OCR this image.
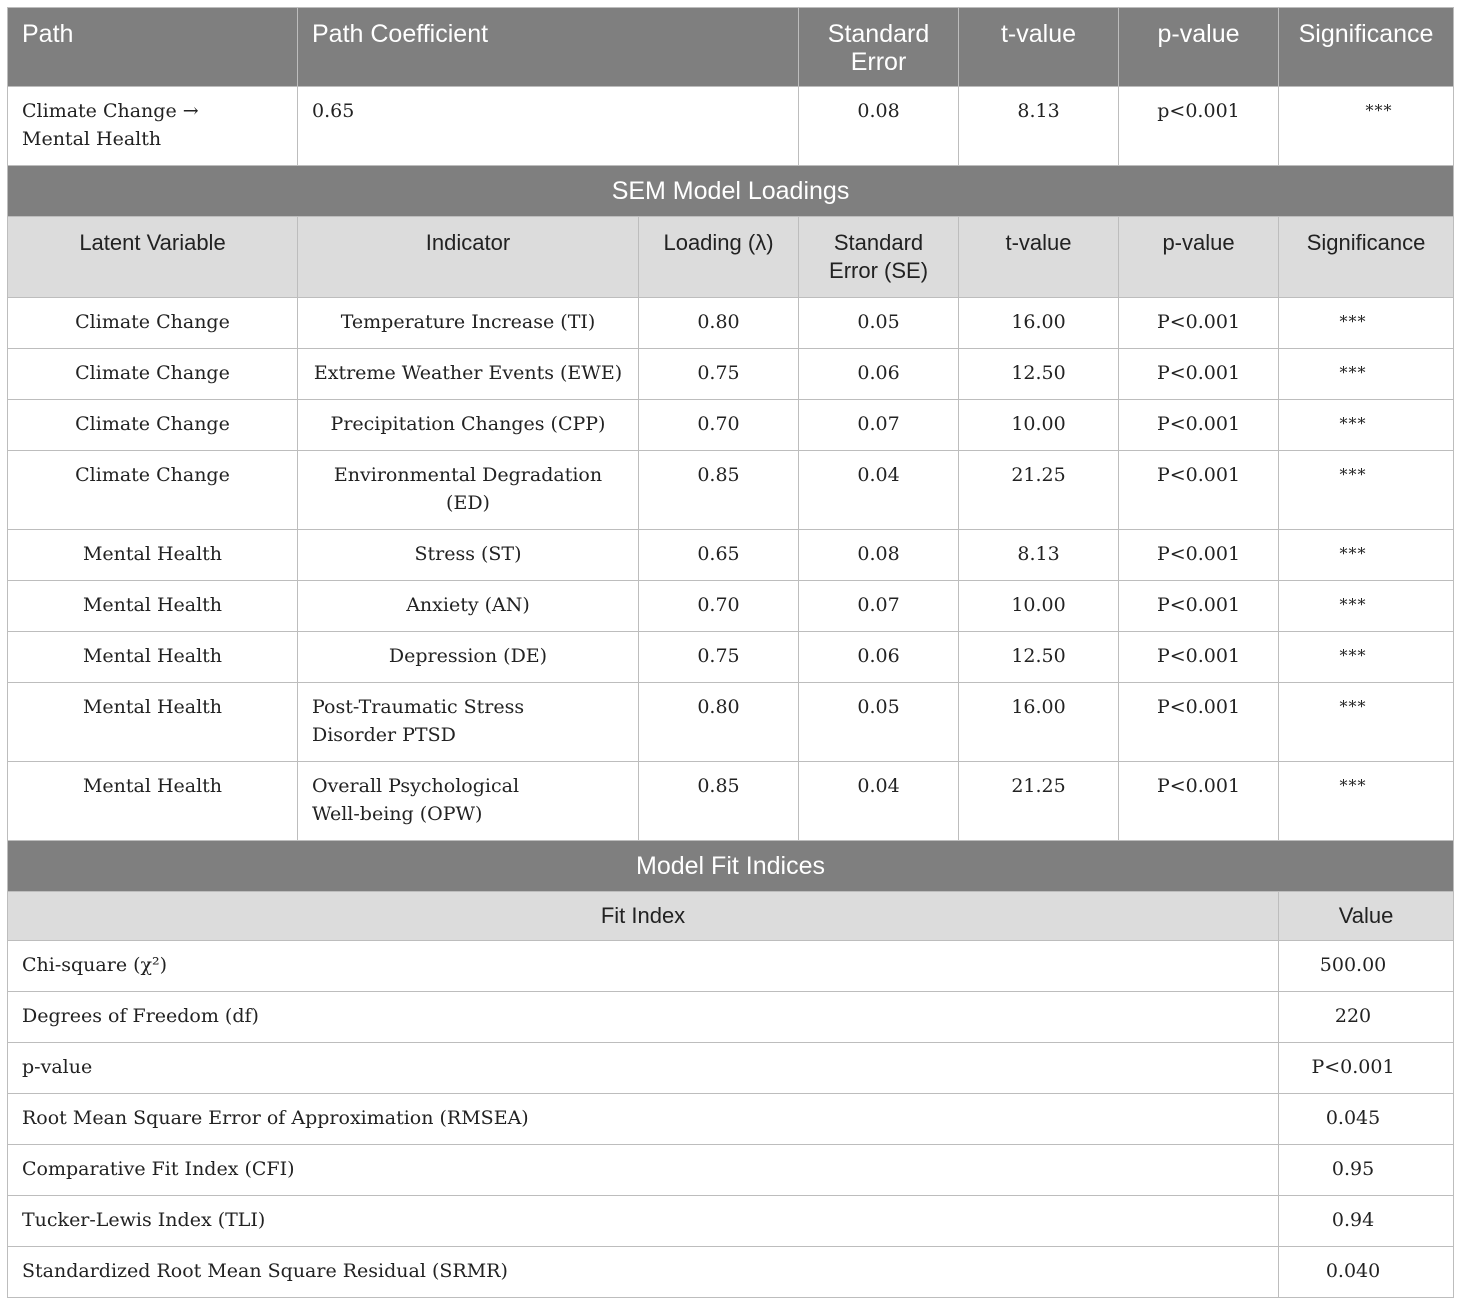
Path	Path Coefficient		Standard Error	t-value	p-value	Significance

Climate Change → Mental Health	0.65		0.08	8.13	p<0.001	***

SEM Model Loadings						

Latent Variable	Indicator	Loading (λ)	Standard Error (SE)	t-value	p-value	Significance

Climate Change	Temperature Increase (TI)	0.80	0.05	16.00	P<0.001	***

Climate Change	Extreme Weather Events (EWE)	0.75	0.06	12.50	P<0.001	***

Climate Change	Precipitation Changes (CPP)	0.70	0.07	10.00	P<0.001	***

Climate Change	Environmental Degradation (ED)	0.85	0.04	21.25	P<0.001	***

Mental Health	Stress (ST)	0.65	0.08	8.13	P<0.001	***

Mental Health	Anxiety (AN)	0.70	0.07	10.00	P<0.001	***

Mental Health	Depression (DE)	0.75	0.06	12.50	P<0.001	***

Mental Health	Post-Traumatic Stress Disorder PTSD	0.80	0.05	16.00	P<0.001	***

Mental Health	Overall Psychological Well-being (OPW)	0.85	0.04	21.25	P<0.001	***

Model Fit Indices						

Fit Index						Value

Chi-square (χ²)						500.00

Degrees of Freedom (df)						220

p-value						P<0.001

Root Mean Square Error of Approximation (RMSEA)						0.045

Comparative Fit Index (CFI)						0.95

Tucker-Lewis Index (TLI)						0.94

Standardized Root Mean Square Residual (SRMR)						0.040
